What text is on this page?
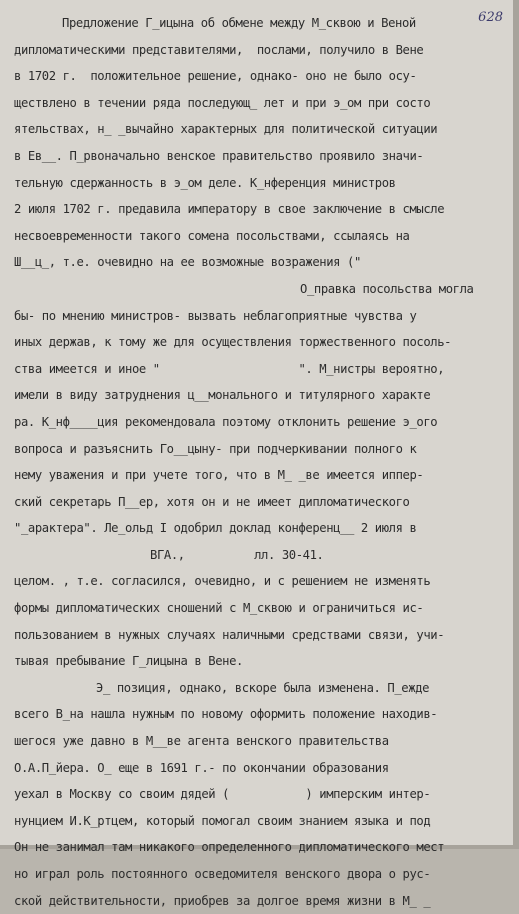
628
Предложение Г_ицына об обмене между М_сквою и Веной
дипломатическими представителями,  послами, получило в Вене
в 1702 г.  положительное решение, однако- оно не было осу-
ществлено в течении ряда последующ_ лет и при э_ом при состо
ятельствах, н_ _вычайно характерных для политической ситуации
в Ев__. П_рвоначально венское правительство проявило значи-
тельную сдержанность в э_ом деле. К_нференция министров
2 июля 1702 г. предавила императору в свое заключение в смысле
несвоевременности такого сомена посольствами, ссылаясь на
Ш__ц_, т.е. очевидно на ее возможные возражения ("
О_правка посольства могла
бы- по мнению министров- вызвать неблагоприятные чувства у
иных держав, к тому же для осуществления торжественного посоль-
ства имеется и иное "                    ". М_нистры вероятно,
имели в виду затруднения ц__монального и титулярного характе
ра. К_нф____ция рекомендовала поэтому отклонить решение э_ого
вопроса и разъяснить Го__цыну- при подчеркивании полного к
нему уважения и при учете того, что в М_ _ве имеется иппер-
ский секретарь П__ер, хотя он и не имеет дипломатического
"_арактера". Ле_ольд I одобрил доклад конференц__ 2 июля в
ВГА.,          лл. 30-41.
целом. , т.е. согласился, очевидно, и с решением не изменять
формы дипломатических сношений с М_сквою и ограничиться ис-
пользованием в нужных случаях наличными средствами связи, учи-
тывая пребывание Г_лицына в Вене.
Э_ позиция, однако, вскоре была изменена. П_ежде
всего В_на нашла нужным по новому оформить положение находив-
шегося уже давно в М__ве агента венского правительства
О.А.П_йера. О_ еще в 1691 г.- по окончании образования
уехал в Москву со своим дядей (           ) имперским интер-
нунцием И.К_ртцем, который помогал своим знанием языка и под
Он не занимал там никакого определенного дипломатического мест
но играл роль постоянного осведомителя венского двора о рус-
ской действительности, приобрев за долгое время жизни в М_ _
